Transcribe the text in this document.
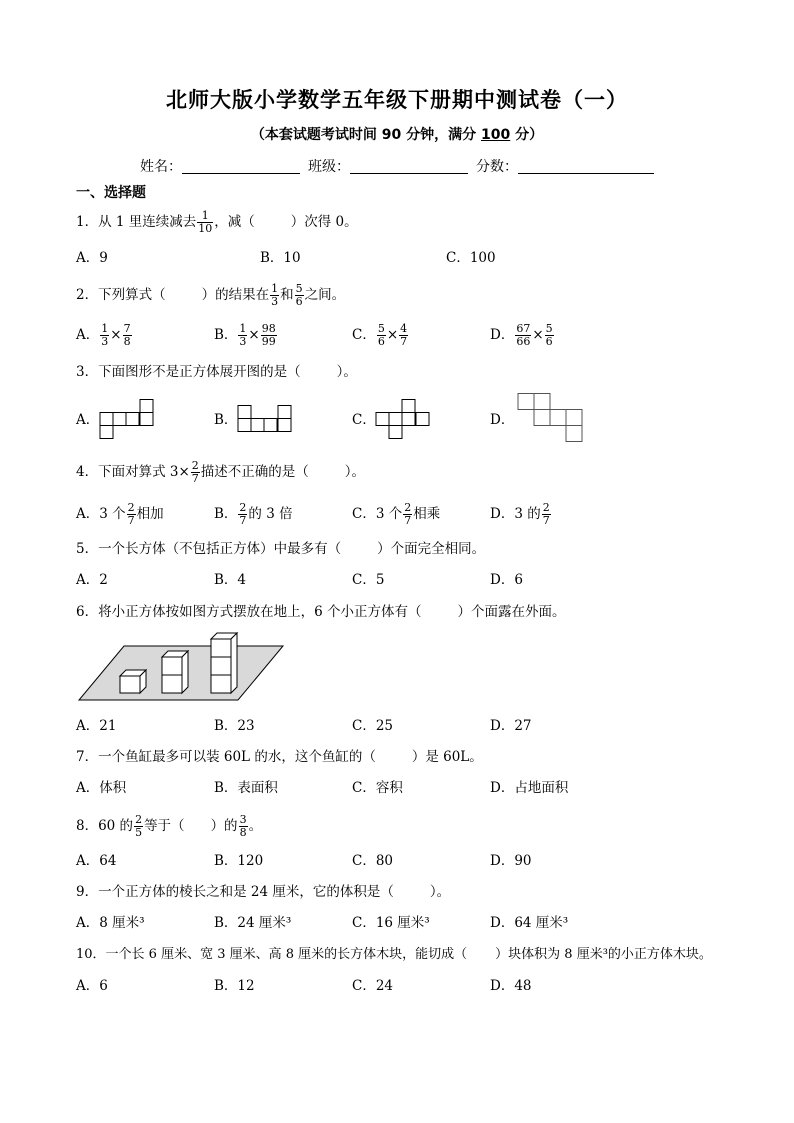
北师大版小学数学五年级下册期中测试卷（一）
（本套试题考试时间 90 分钟，满分 100 分）
姓名：	班级：	分数：
一、选择题
1．从 1 里连续减去 $\frac{1}{10}$ ，减（	）次得 0。
A．9	B．10	C．100
2．下列算式（	）的结果在 $\frac{1}{3}$ 和 $\frac{5}{6}$ 之间。
A． $\frac{1}{3} \times \frac{7}{8}$	B． $\frac{1}{3} \times \frac{98}{99}$	C． $\frac{5}{6} \times \frac{4}{7}$	D． $\frac{67}{66} \times \frac{5}{6}$
3．下面图形不是正方体展开图的是（	）。
A．	B．	C．	D．
4．下面对算式 $3\times \frac{2}{7}$ 描述不正确的是（	）。
A．3 个 $\frac{2}{7}$ 相加	B． $\frac{2}{7}$ 的 3 倍	C．3 个 $\frac{2}{7}$ 相乘	D．3 的 $\frac{2}{7}$
5．一个长方体（不包括正方体）中最多有（	）个面完全相同。
A．2	B．4	C．5	D．6
6．将小正方体按如图方式摆放在地上，6 个小正方体有（	）个面露在外面。
A．21	B．23	C．25	D．27
7．一个鱼缸最多可以装 60L 的水，这个鱼缸的（	）是 60L。
A．体积	B．表面积	C．容积	D．占地面积
8．60 的 $\frac{2}{5}$ 等于（ ）的 $\frac{3}{8}$ 。
A．64	B．120	C．80	D．90
9．一个正方体的棱长之和是 24 厘米，它的体积是（	）。
A．8 厘米³	B．24 厘米³	C．16 厘米³	D．64 厘米³
10．一个长 6 厘米、宽 3 厘米、高 8 厘米的长方体木块，能切成（ ）块体积为 8 厘米³的小正方体木块。
A．6	B．12	C．24	D．48
